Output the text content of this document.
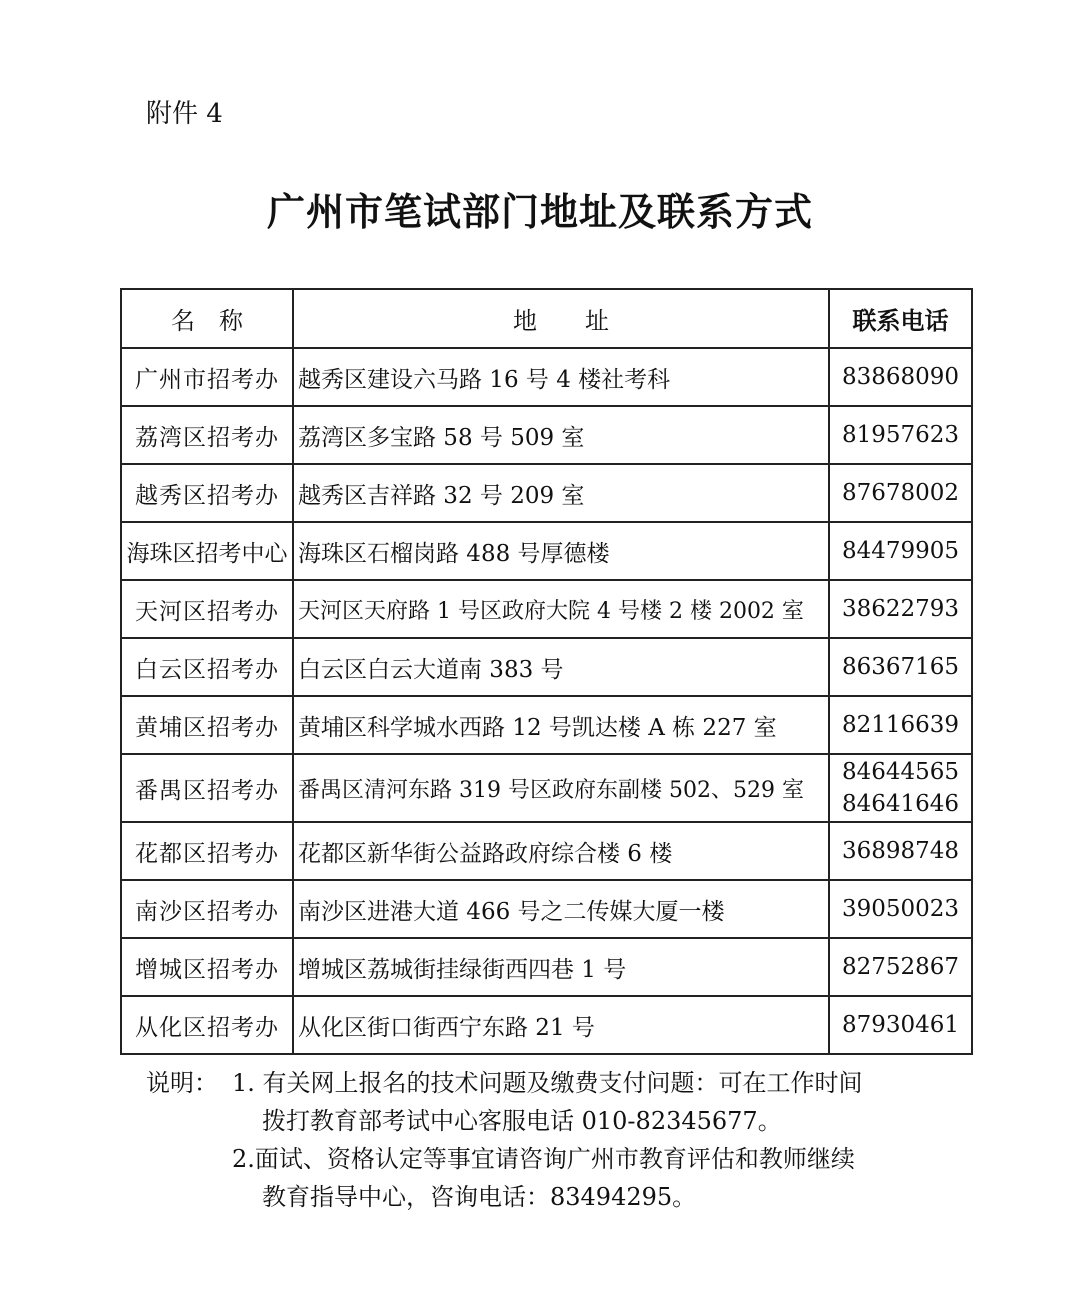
附件 4
广州市笔试部门地址及联系方式
名　称	地　　址	联系电话
广州市招考办	越秀区建设六马路 16 号 4 楼社考科	83868090

荔湾区招考办	荔湾区多宝路 58 号 509 室	81957623

越秀区招考办	越秀区吉祥路 32 号 209 室	87678002

海珠区招考中心	海珠区石榴岗路 488 号厚德楼	84479905

天河区招考办	天河区天府路 1 号区政府大院 4 号楼 2 楼 2002 室	38622793

白云区招考办	白云区白云大道南 383 号	86367165

黄埔区招考办	黄埔区科学城水西路 12 号凯达楼 A 栋 227 室	82116639

番禺区招考办	番禺区清河东路 319 号区政府东副楼 502、529 室	84644565
84641646

花都区招考办	花都区新华街公益路政府综合楼 6 楼	36898748

南沙区招考办	南沙区进港大道 466 号之二传媒大厦一楼	39050023

增城区招考办	增城区荔城街挂绿街西四巷 1 号	82752867

从化区招考办	从化区街口街西宁东路 21 号	87930461
说明： 1. 有关网上报名的技术问题及缴费支付问题：可在工作时间
拨打教育部考试中心客服电话 010-82345677。
2.面试、资格认定等事宜请咨询广州市教育评估和教师继续
教育指导中心，咨询电话：83494295。
